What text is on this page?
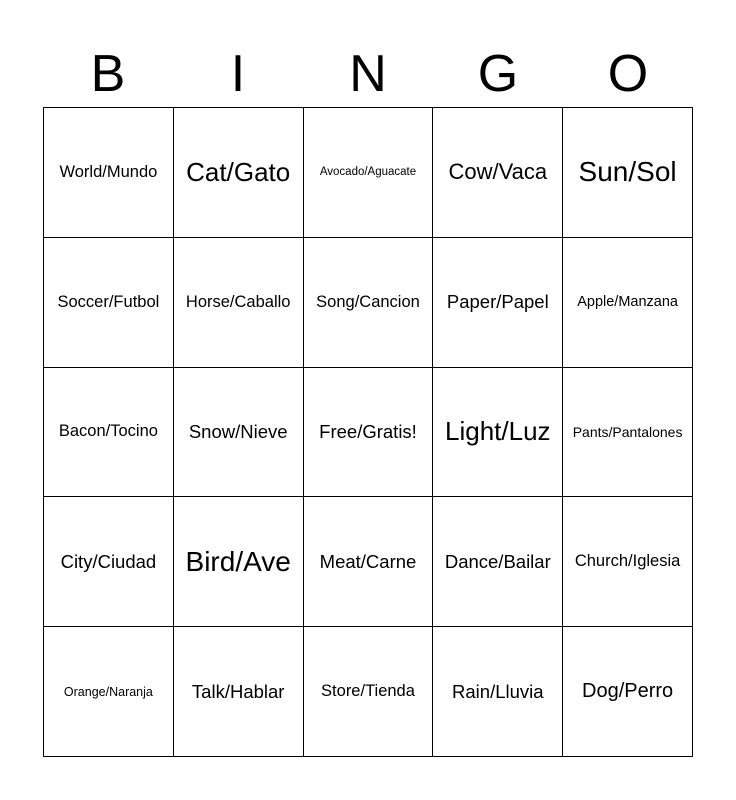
B	I	N	G	O
World/Mundo	Cat/Gato	Avocado/Aguacate	Cow/Vaca	Sun/Sol
Soccer/Futbol	Horse/Caballo	Song/Cancion	Paper/Papel	Apple/Manzana
Bacon/Tocino	Snow/Nieve	Free/Gratis!	Light/Luz	Pants/Pantalones
City/Ciudad	Bird/Ave	Meat/Carne	Dance/Bailar	Church/Iglesia
Orange/Naranja	Talk/Hablar	Store/Tienda	Rain/Lluvia	Dog/Perro
